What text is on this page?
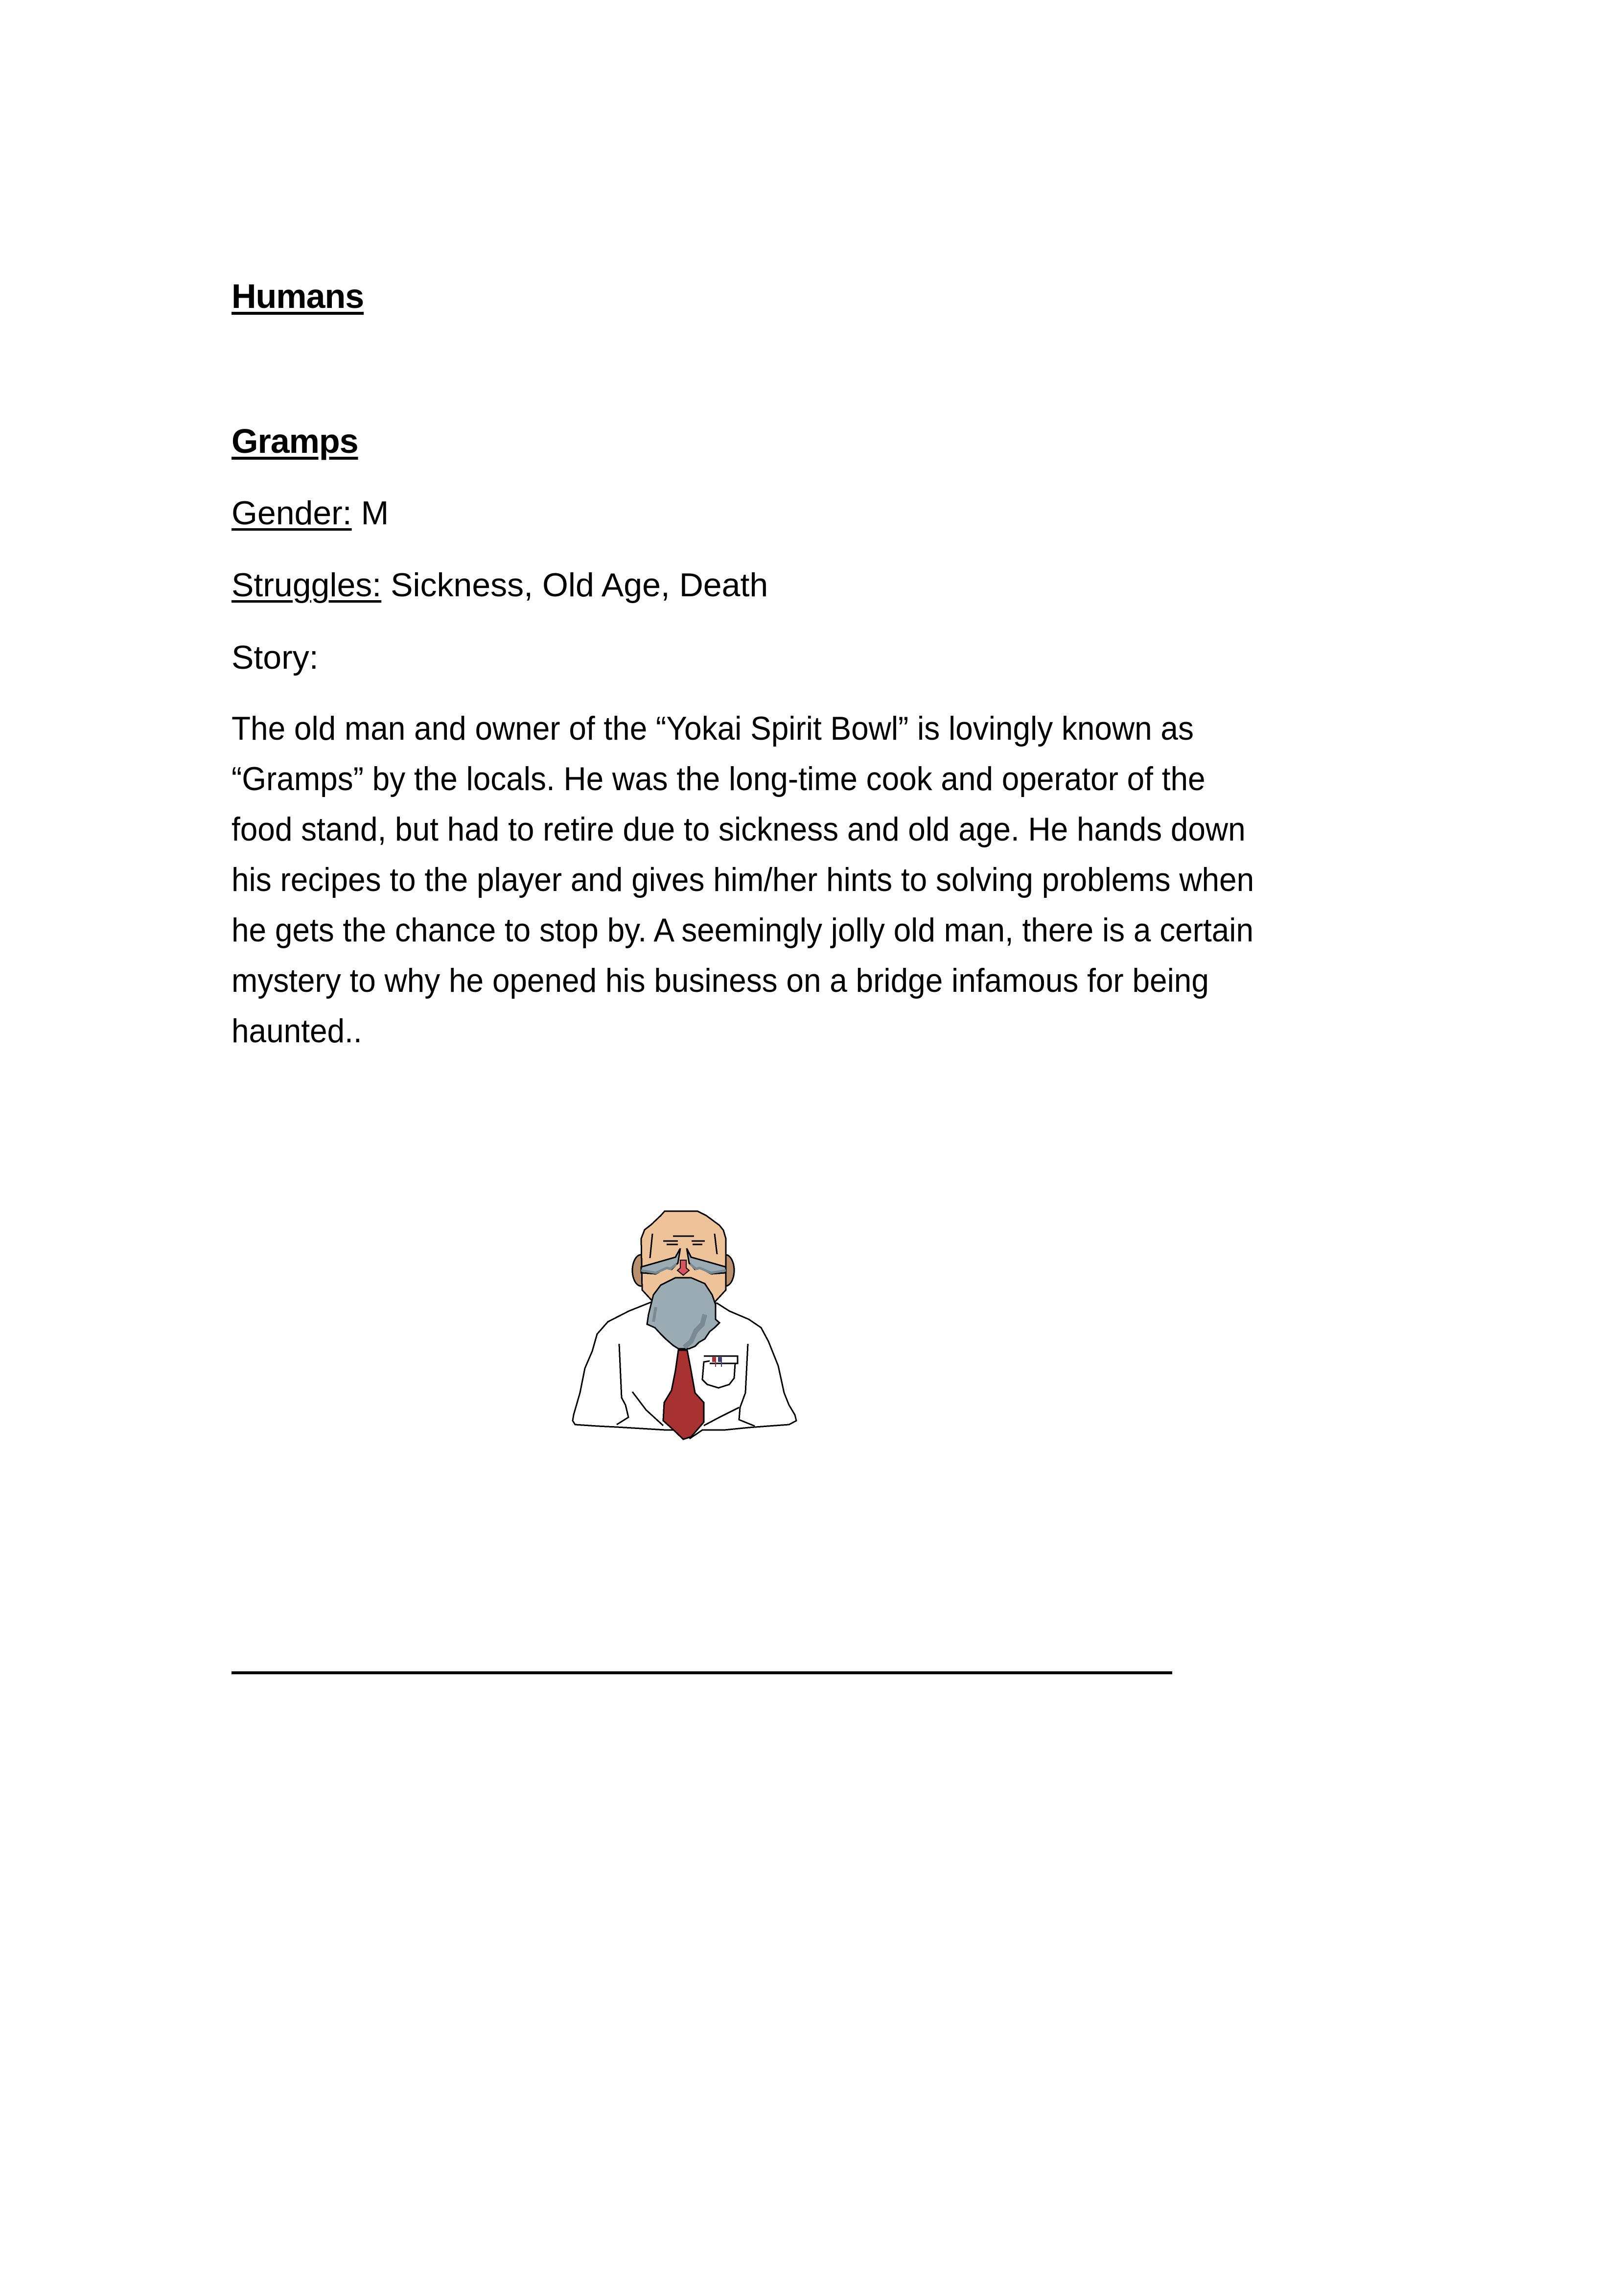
Humans
Gramps
Gender: M
Struggles: Sickness, Old Age, Death
Story:
The old man and owner of the “Yokai Spirit Bowl” is lovingly known as
“Gramps” by the locals. He was the long-time cook and operator of the
food stand, but had to retire due to sickness and old age. He hands down
his recipes to the player and gives him/her hints to solving problems when
he gets the chance to stop by. A seemingly jolly old man, there is a certain
mystery to why he opened his business on a bridge infamous for being
haunted..
